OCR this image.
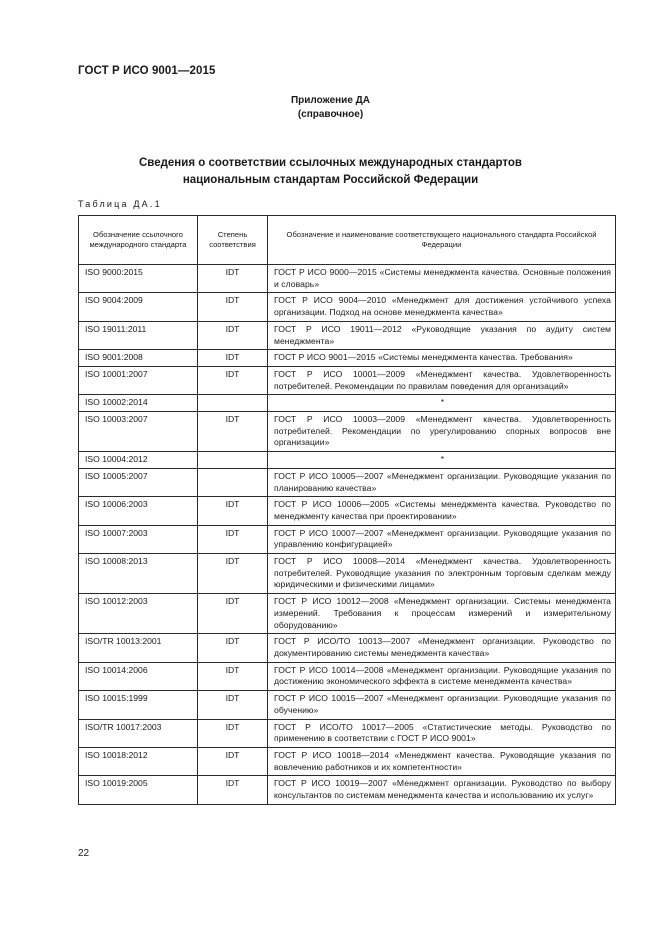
ГОСТ Р ИСО 9001—2015
Приложение ДА
(справочное)
Сведения о соответствии ссылочных международных стандартов
национальным стандартам Российской Федерации
Таблица ДА.1
Обозначение ссылочного международного стандарта	Степень соответствия	Обозначение и наименование соответствующего национального стандарта Российской Федерации
ISO 9000:2015	IDT	ГОСТ Р ИСО 9000—2015 «Системы менеджмента качества. Основные положения и словарь»
ISO 9004:2009	IDT	ГОСТ Р ИСО 9004—2010 «Менеджмент для достижения устойчивого успеха организации. Подход на основе менеджмента качества»
ISO 19011:2011	IDT	ГОСТ Р ИСО 19011—2012 «Руководящие указания по аудиту систем менеджмента»
ISO 9001:2008	IDT	ГОСТ Р ИСО 9001—2015 «Системы менеджмента качества. Требования»
ISO 10001:2007	IDT	ГОСТ Р ИСО 10001—2009 «Менеджмент качества. Удовлетворенность потребителей. Рекомендации по правилам поведения для организаций»
ISO 10002:2014		*
ISO 10003:2007	IDT	ГОСТ Р ИСО 10003—2009 «Менеджмент качества. Удовлетворенность потребителей. Рекомендации по урегулированию спорных вопросов вне организации»
ISO 10004:2012		*
ISO 10005:2007		ГОСТ Р ИСО 10005—2007 «Менеджмент организации. Руководящие указания по планированию качества»
ISO 10006:2003	IDT	ГОСТ Р ИСО 10006—2005 «Системы менеджмента качества. Руководство по менеджменту качества при проектировании»
ISO 10007:2003	IDT	ГОСТ Р ИСО 10007—2007 «Менеджмент организации. Руководящие указания по управлению конфигурацией»
ISO 10008:2013	IDT	ГОСТ Р ИСО 10008—2014 «Менеджмент качества. Удовлетворенность потребителей. Руководящие указания по электронным торговым сделкам между юридическими и физическими лицами»
ISO 10012:2003	IDT	ГОСТ Р ИСО 10012—2008 «Менеджмент организации. Системы менеджмента измерений. Требования к процессам измерений и измерительному оборудованию»
ISO/TR 10013:2001	IDT	ГОСТ Р ИСО/ТО 10013—2007 «Менеджмент организации. Руководство по документированию системы менеджмента качества»
ISO 10014:2006	IDT	ГОСТ Р ИСО 10014—2008 «Менеджмент организации. Руководящие указания по достижению экономического эффекта в системе менеджмента качества»
ISO 10015:1999	IDT	ГОСТ Р ИСО 10015—2007 «Менеджмент организации. Руководящие указания по обучению»
ISO/TR 10017:2003	IDT	ГОСТ Р ИСО/ТО 10017—2005 «Статистические методы. Руководство по применению в соответствии с ГОСТ Р ИСО 9001»
ISO 10018:2012	IDT	ГОСТ Р ИСО 10018—2014 «Менеджмент качества. Руководящие указания по вовлечению работников и их компетентности»
ISO 10019:2005	IDT	ГОСТ Р ИСО 10019—2007 «Менеджмент организации. Руководство по выбору консультантов по системам менеджмента качества и использованию их услуг»
22
